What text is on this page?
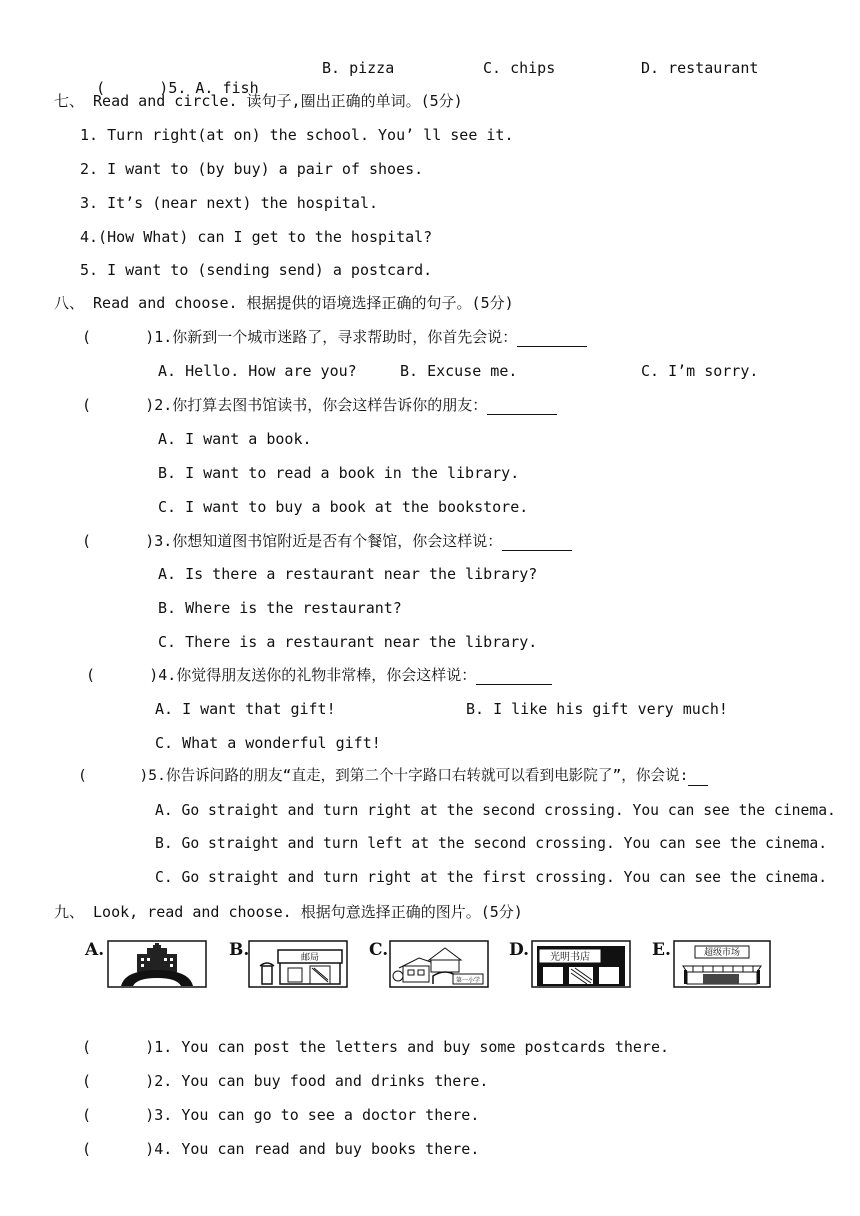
(      )5. A. fish

B. pizza	C. chips	D. restaurant
七、 Read and circle. 读句子,圈出正确的单词。(5分)
1. Turn right(at on) the school. You’ ll see it.
2. I want to (by buy) a pair of shoes.
3. It’s (near next) the hospital.
4.(How What) can I get to the hospital?
5. I want to (sending send) a postcard.
八、 Read and choose. 根据提供的语境选择正确的句子。(5分)
(      )1.你新到一个城市迷路了，寻求帮助时，你首先会说：
A. Hello. How are you?	B. Excuse me.	C. I’m sorry.
(      )2.你打算去图书馆读书，你会这样告诉你的朋友：
A. I want a book.
B. I want to read a book in the library.
C. I want to buy a book at the bookstore.
(      )3.你想知道图书馆附近是否有个餐馆，你会这样说：
A. Is there a restaurant near the library?
B. Where is the restaurant?
C. There is a restaurant near the library.
(      )4.你觉得朋友送你的礼物非常棒，你会这样说：
A. I want that gift!	B. I like his gift very much!
C. What a wonderful gift!
(      )5.你告诉问路的朋友“直走，到第二个十字路口右转就可以看到电影院了”，你会说:
A. Go straight and turn right at the second crossing. You can see the cinema.
B. Go straight and turn left at the second crossing. You can see the cinema.
C. Go straight and turn right at the first crossing. You can see the cinema.
九、 Look, read and choose. 根据句意选择正确的图片。(5分)
A.	B.	C.	D.	E.
邮局
第一小学
光明书店	超级市场
(      )1. You can post the letters and buy some postcards there.
(      )2. You can buy food and drinks there.
(      )3. You can go to see a doctor there.
(      )4. You can read and buy books there.
